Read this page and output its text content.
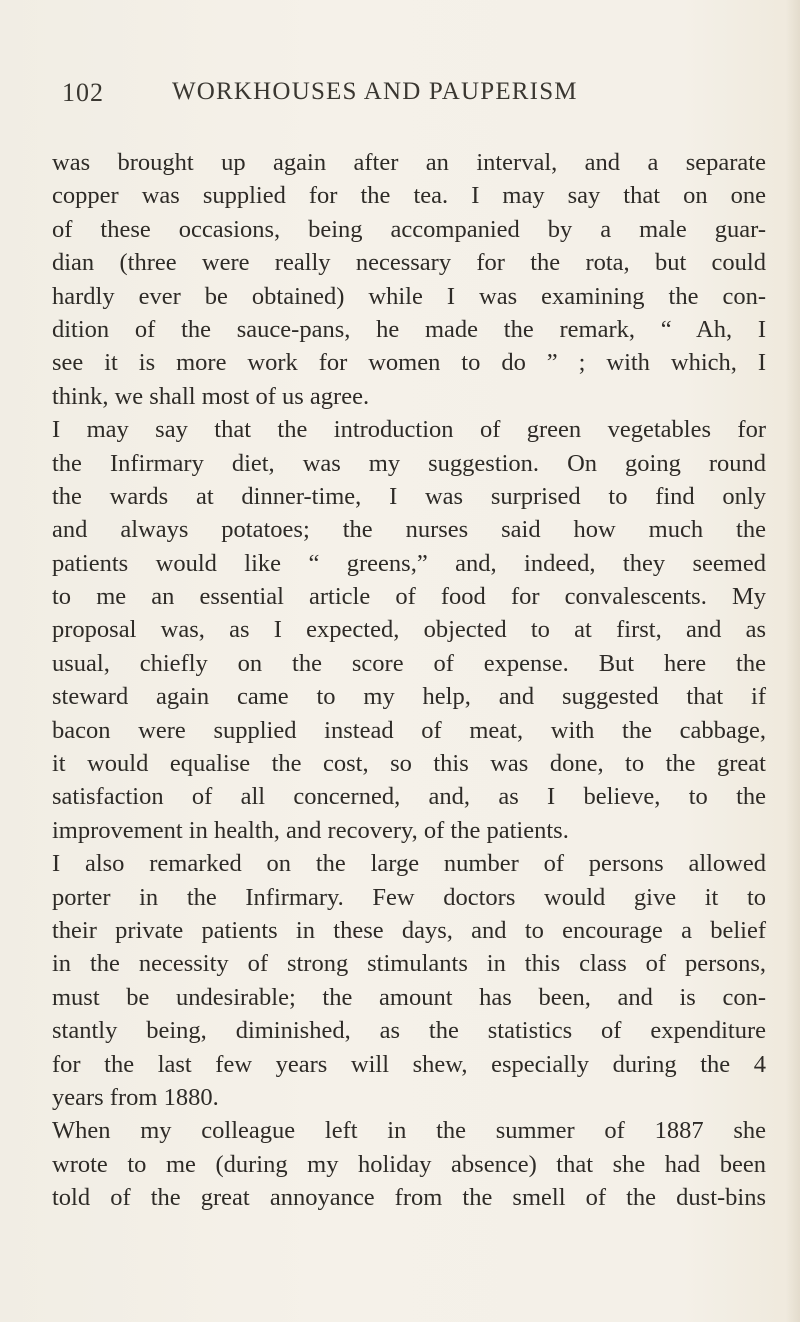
102	WORKHOUSES AND PAUPERISM
was brought up again after an interval, and a separate
copper was supplied for the tea. I may say that on one
of these occasions, being accompanied by a male guar-
dian (three were really necessary for the rota, but could
hardly ever be obtained) while I was examining the con-
dition of the sauce-pans, he made the remark, “ Ah, I
see it is more work for women to do ” ; with which, I
think, we shall most of us agree.
I may say that the introduction of green vegetables for
the Infirmary diet, was my suggestion. On going round
the wards at dinner-time, I was surprised to find only
and always potatoes; the nurses said how much the
patients would like “ greens,” and, indeed, they seemed
to me an essential article of food for convalescents. My
proposal was, as I expected, objected to at first, and as
usual, chiefly on the score of expense. But here the
steward again came to my help, and suggested that if
bacon were supplied instead of meat, with the cabbage,
it would equalise the cost, so this was done, to the great
satisfaction of all concerned, and, as I believe, to the
improvement in health, and recovery, of the patients.
I also remarked on the large number of persons allowed
porter in the Infirmary. Few doctors would give it to
their private patients in these days, and to encourage a belief
in the necessity of strong stimulants in this class of persons,
must be undesirable; the amount has been, and is con-
stantly being, diminished, as the statistics of expenditure
for the last few years will shew, especially during the 4
years from 1880.
When my colleague left in the summer of 1887 she
wrote to me (during my holiday absence) that she had been
told of the great annoyance from the smell of the dust-bins
